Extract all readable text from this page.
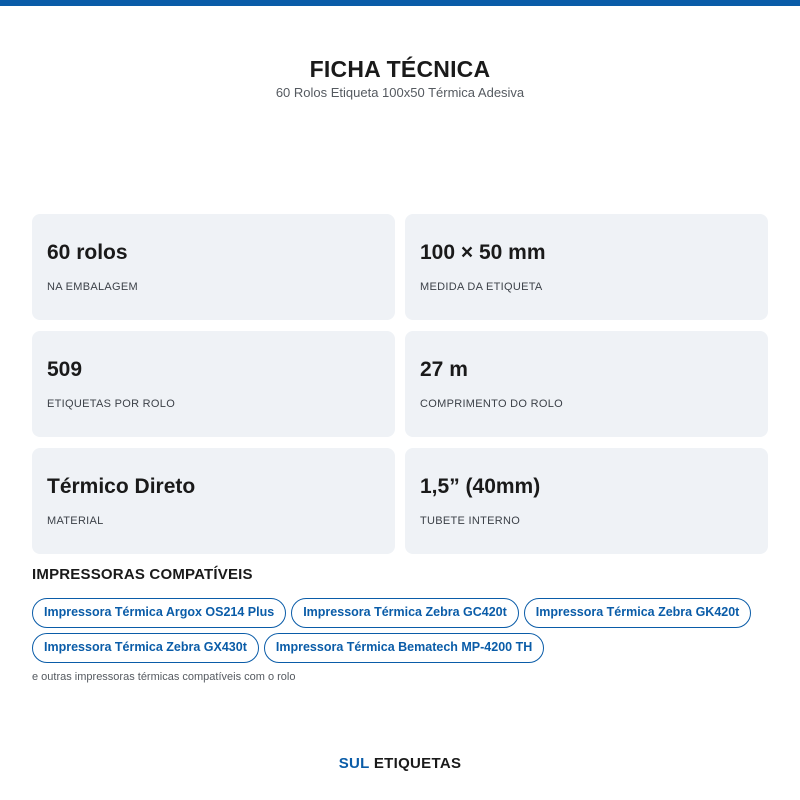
FICHA TÉCNICA
60 Rolos Etiqueta 100x50 Térmica Adesiva
60 rolos
NA EMBALAGEM
100 × 50 mm
MEDIDA DA ETIQUETA
509
ETIQUETAS POR ROLO
27 m
COMPRIMENTO DO ROLO
Térmico Direto
MATERIAL
1,5” (40mm)
TUBETE INTERNO
IMPRESSORAS COMPATÍVEIS
Impressora Térmica Argox OS214 Plus	Impressora Térmica Zebra GC420t	Impressora Térmica Zebra GK420t
Impressora Térmica Zebra GX430t	Impressora Térmica Bematech MP-4200 TH
e outras impressoras térmicas compatíveis com o rolo
SUL ETIQUETAS
